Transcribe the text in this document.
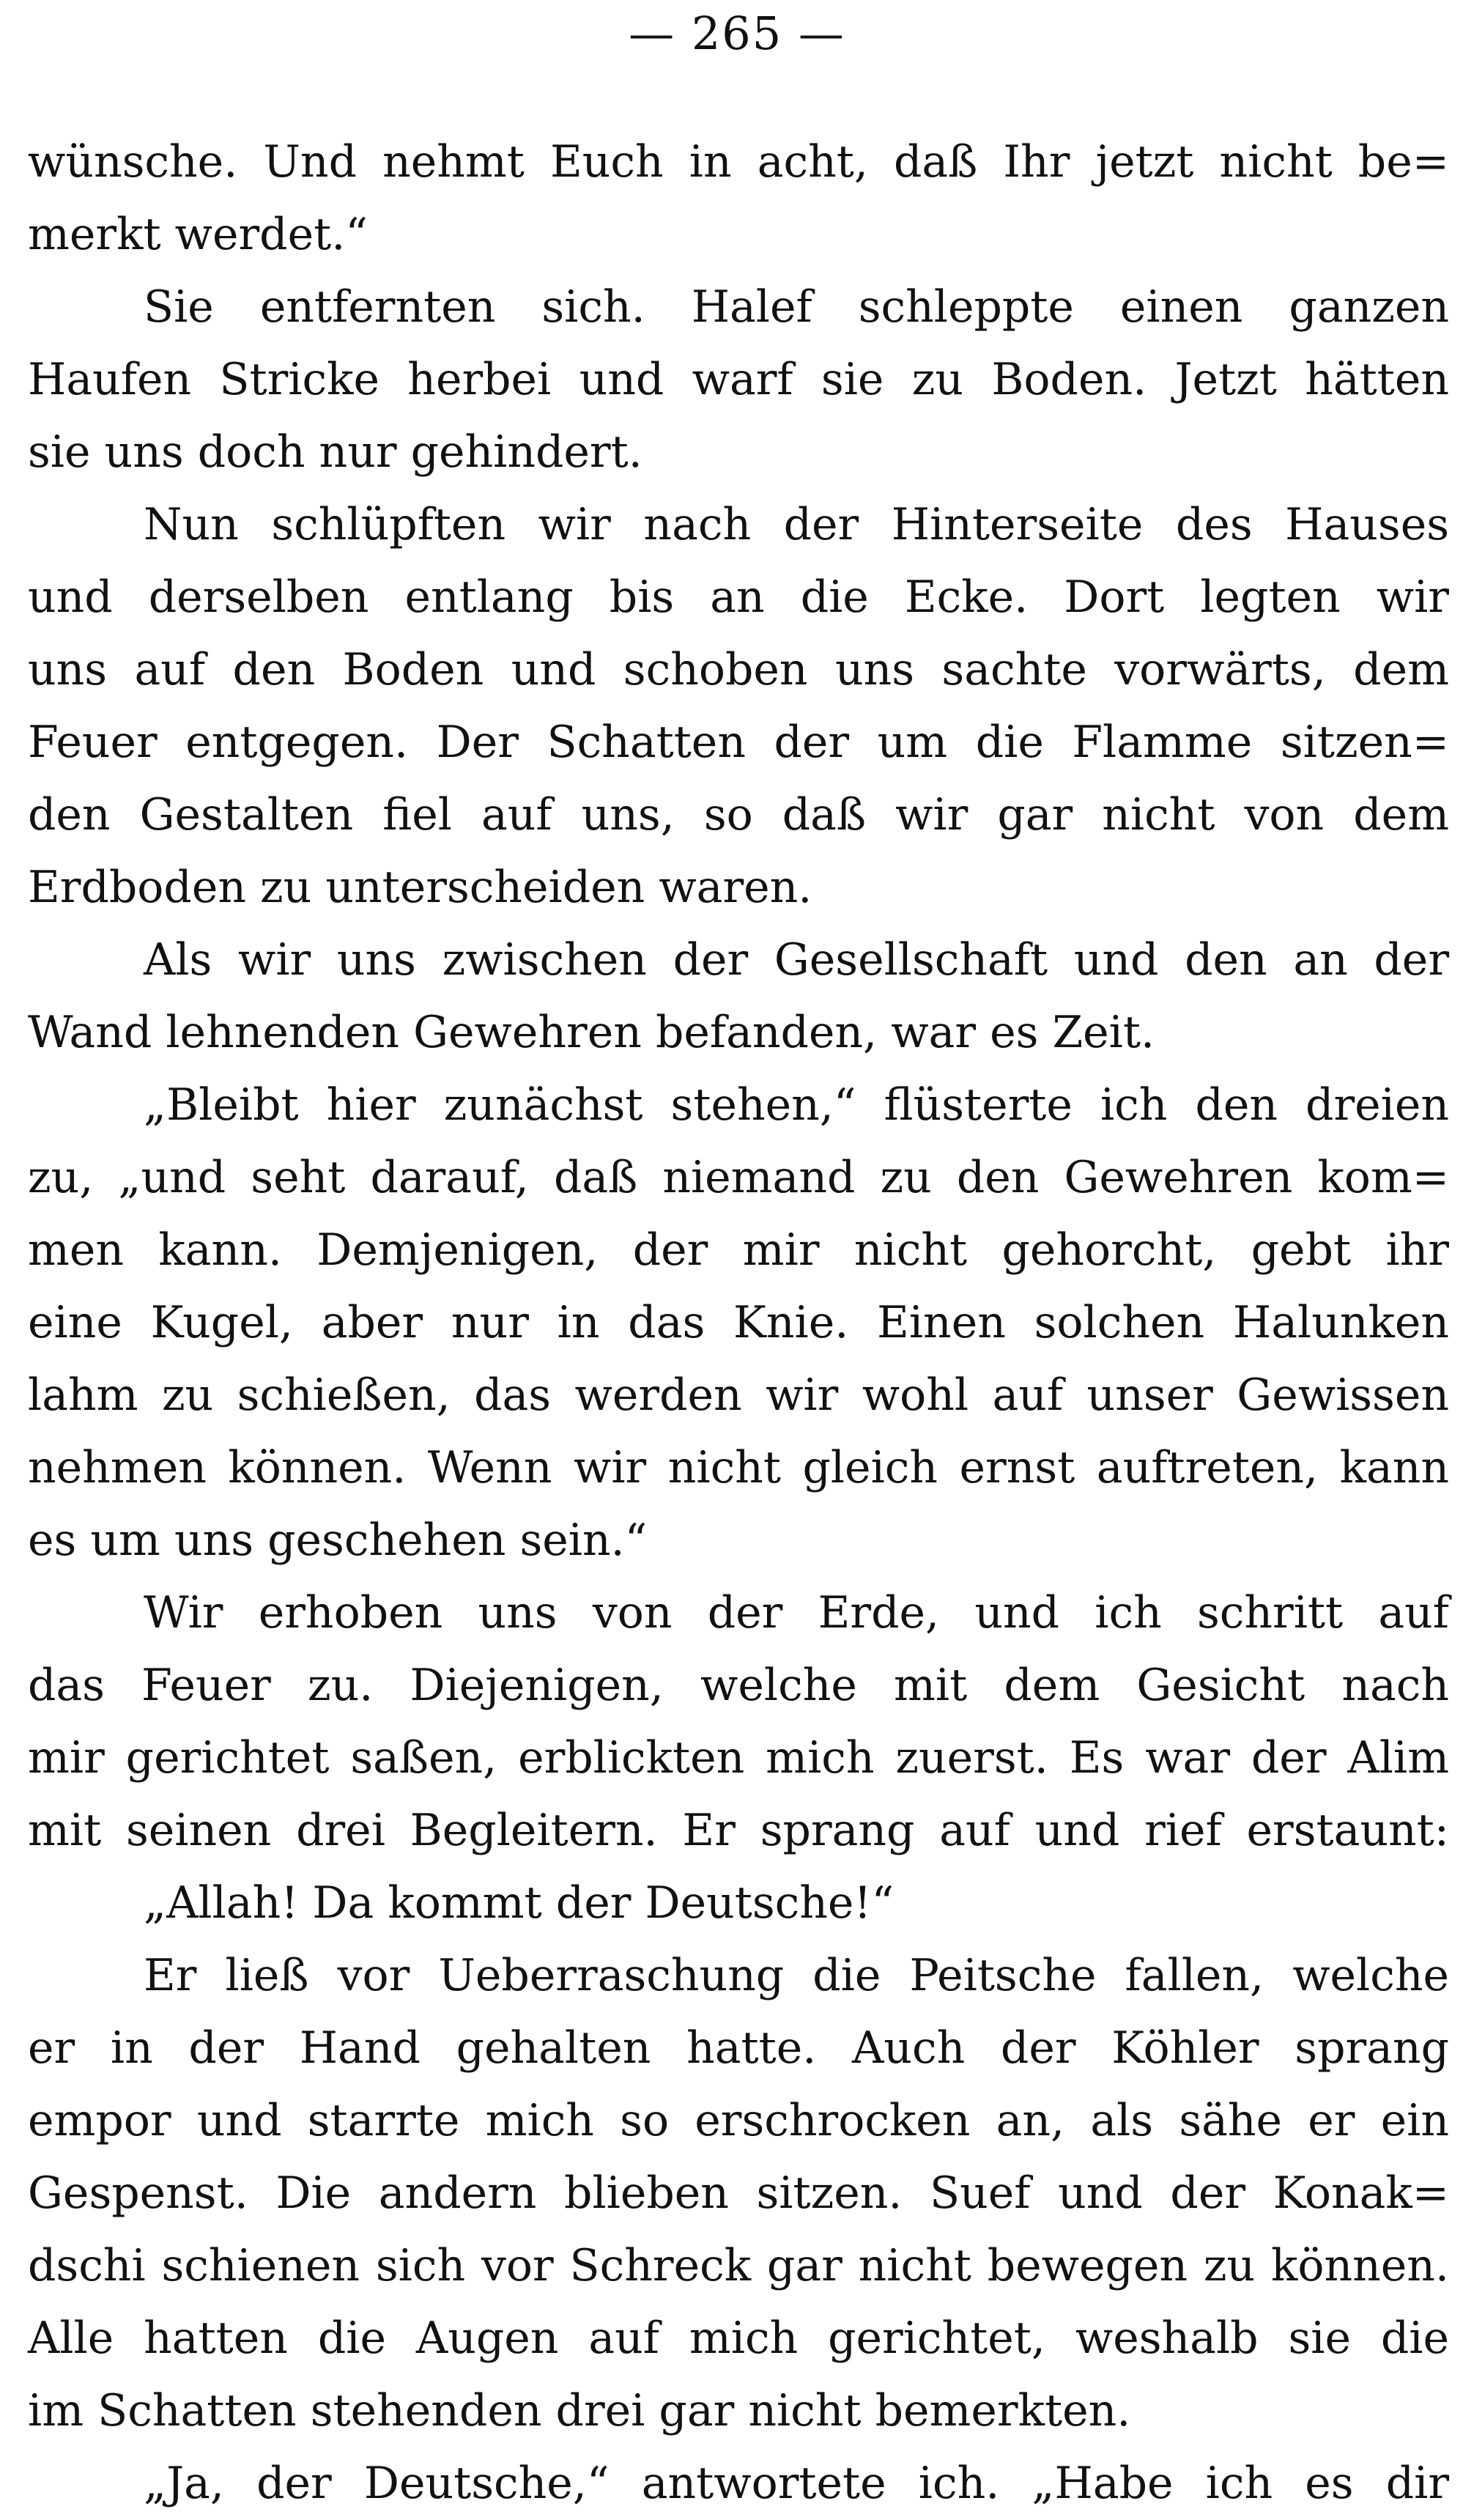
— 265 —
wünsche. Und nehmt Euch in acht, daß Ihr jetzt nicht be=
merkt werdet.“
Sie entfernten sich. Halef schleppte einen ganzen
Haufen Stricke herbei und warf sie zu Boden. Jetzt hätten
sie uns doch nur gehindert.
Nun schlüpften wir nach der Hinterseite des Hauses
und derselben entlang bis an die Ecke. Dort legten wir
uns auf den Boden und schoben uns sachte vorwärts, dem
Feuer entgegen. Der Schatten der um die Flamme sitzen=
den Gestalten fiel auf uns, so daß wir gar nicht von dem
Erdboden zu unterscheiden waren.
Als wir uns zwischen der Gesellschaft und den an der
Wand lehnenden Gewehren befanden, war es Zeit.
„Bleibt hier zunächst stehen,“ flüsterte ich den dreien
zu, „und seht darauf, daß niemand zu den Gewehren kom=
men kann. Demjenigen, der mir nicht gehorcht, gebt ihr
eine Kugel, aber nur in das Knie. Einen solchen Halunken
lahm zu schießen, das werden wir wohl auf unser Gewissen
nehmen können. Wenn wir nicht gleich ernst auftreten, kann
es um uns geschehen sein.“
Wir erhoben uns von der Erde, und ich schritt auf
das Feuer zu. Diejenigen, welche mit dem Gesicht nach
mir gerichtet saßen, erblickten mich zuerst. Es war der Alim
mit seinen drei Begleitern. Er sprang auf und rief erstaunt:
„Allah! Da kommt der Deutsche!“
Er ließ vor Ueberraschung die Peitsche fallen, welche
er in der Hand gehalten hatte. Auch der Köhler sprang
empor und starrte mich so erschrocken an, als sähe er ein
Gespenst. Die andern blieben sitzen. Suef und der Konak=
dschi schienen sich vor Schreck gar nicht bewegen zu können.
Alle hatten die Augen auf mich gerichtet, weshalb sie die
im Schatten stehenden drei gar nicht bemerkten.
„Ja, der Deutsche,“ antwortete ich. „Habe ich es dir
